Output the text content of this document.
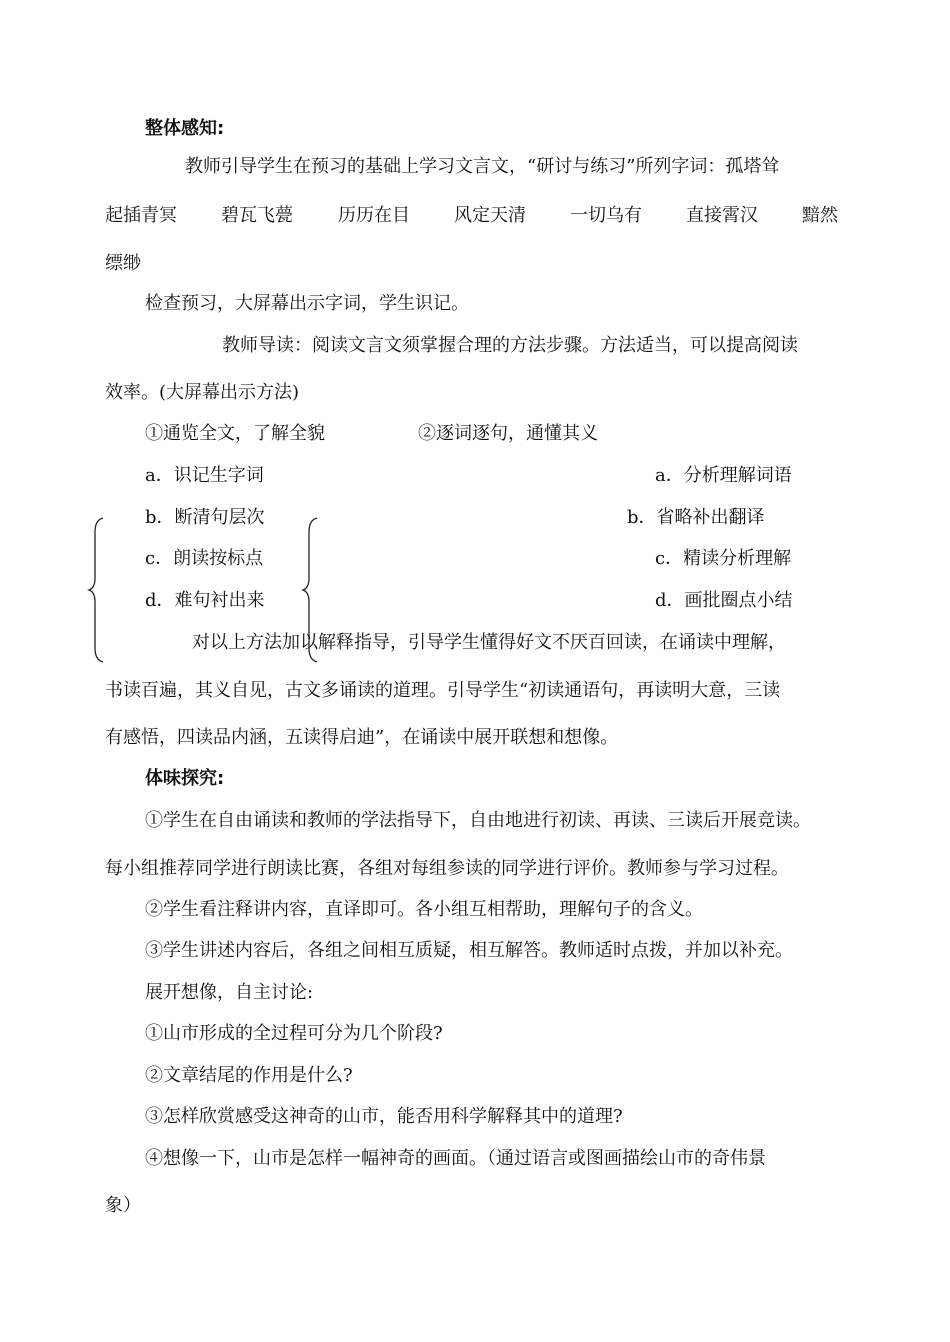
整体感知:
教师引导学生在预习的基础上学习文言文，“研讨与练习”所列字词：孤塔耸
起插青冥 碧瓦飞甍	历历在目 风定天清 一切乌有 直接霄汉 黯然
缥缈
检查预习，大屏幕出示字词，学生识记。
教师导读：阅读文言文须掌握合理的方法步骤。方法适当，可以提高阅读
效率。(大屏幕出示方法)
①通览全文，了解全貌	②逐词逐句，通懂其义
a．识记生字词
b．断清句层次
c．朗读按标点
d．难句衬出来
a．分析理解词语
b．省略补出翻译
c．精读分析理解
d．画批圈点小结
对以上方法加以解释指导，引导学生懂得好文不厌百回读，在诵读中理解，
书读百遍，其义自见，古文多诵读的道理。引导学生“初读通语句，再读明大意，三读
有感悟，四读品内涵，五读得启迪”，在诵读中展开联想和想像。
体味探究:
①学生在自由诵读和教师的学法指导下，自由地进行初读、再读、三读后开展竞读。
每小组推荐同学进行朗读比赛，各组对每组参读的同学进行评价。教师参与学习过程。
②学生看注释讲内容，直译即可。各小组互相帮助，理解句子的含义。
③学生讲述内容后，各组之间相互质疑，相互解答。教师适时点拨，并加以补充。
展开想像，自主讨论:
①山市形成的全过程可分为几个阶段?
②文章结尾的作用是什么?
③怎样欣赏感受这神奇的山市，能否用科学解释其中的道理?
④想像一下，山市是怎样一幅神奇的画面。（通过语言或图画描绘山市的奇伟景
象）
